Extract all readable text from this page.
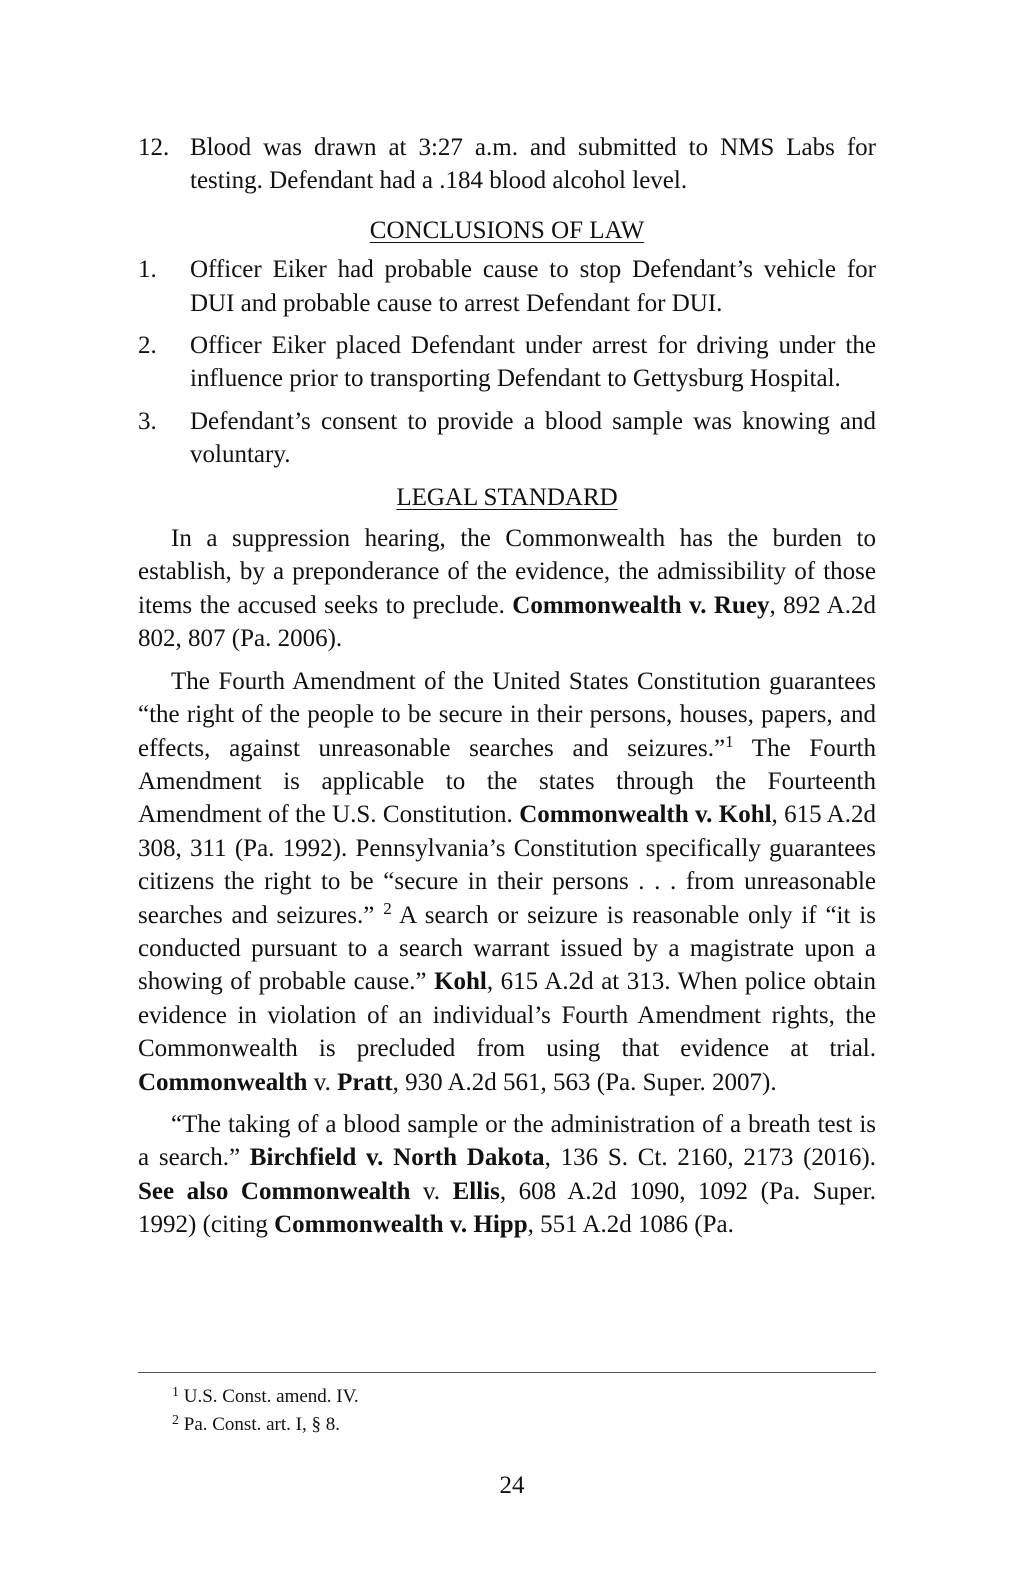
12. Blood was drawn at 3:27 a.m. and submitted to NMS Labs for testing. Defendant had a .184 blood alcohol level.
CONCLUSIONS OF LAW
1. Officer Eiker had probable cause to stop Defendant’s vehicle for DUI and probable cause to arrest Defendant for DUI.
2. Officer Eiker placed Defendant under arrest for driving under the influence prior to transporting Defendant to Gettysburg Hospital.
3. Defendant’s consent to provide a blood sample was knowing and voluntary.
LEGAL STANDARD

In a suppression hearing, the Commonwealth has the burden to establish, by a preponderance of the evidence, the admissibility of those items the accused seeks to preclude. Commonwealth v. Ruey, 892 A.2d 802, 807 (Pa. 2006).

The Fourth Amendment of the United States Constitution guarantees “the right of the people to be secure in their persons, houses, papers, and effects, against unreasonable searches and seizures.”$^1$ The Fourth Amendment is applicable to the states through the Fourteenth Amendment of the U.S. Constitution. Commonwealth v. Kohl, 615 A.2d 308, 311 (Pa. 1992). Pennsylvania’s Constitution specifically guarantees citizens the right to be “secure in their persons . . . from unreasonable searches and seizures.” $^2$ A search or seizure is reasonable only if “it is conducted pursuant to a search warrant issued by a magistrate upon a showing of probable cause.” Kohl, 615 A.2d at 313. When police obtain evidence in violation of an individual’s Fourth Amendment rights, the Commonwealth is precluded from using that evidence at trial. Commonwealth v. Pratt, 930 A.2d 561, 563 (Pa. Super. 2007).

“The taking of a blood sample or the administration of a breath test is a search.” Birchfield v. North Dakota, 136 S. Ct. 2160, 2173 (2016). See also Commonwealth v. Ellis, 608 A.2d 1090, 1092 (Pa. Super. 1992) (citing Commonwealth v. Hipp, 551 A.2d 1086 (Pa.

$^1$ U.S. Const. amend. IV.
$^2$ Pa. Const. art. I, § 8.
24
